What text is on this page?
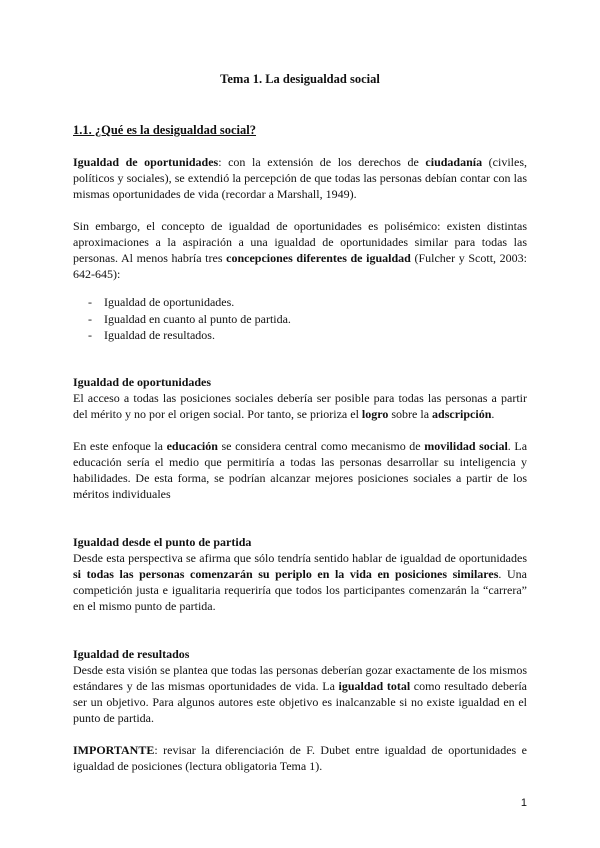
Tema 1. La desigualdad social
1.1. ¿Qué es la desigualdad social?
Igualdad de oportunidades: con la extensión de los derechos de ciudadanía (civiles, políticos y sociales), se extendió la percepción de que todas las personas debían contar con las mismas oportunidades de vida (recordar a Marshall, 1949).
Sin embargo, el concepto de igualdad de oportunidades es polisémico: existen distintas aproximaciones a la aspiración a una igualdad de oportunidades similar para todas las personas. Al menos habría tres concepciones diferentes de igualdad (Fulcher y Scott, 2003: 642-645):
- Igualdad de oportunidades.
- Igualdad en cuanto al punto de partida.
- Igualdad de resultados.
Igualdad de oportunidades
El acceso a todas las posiciones sociales debería ser posible para todas las personas a partir del mérito y no por el origen social. Por tanto, se prioriza el logro sobre la adscripción.
En este enfoque la educación se considera central como mecanismo de movilidad social. La educación sería el medio que permitiría a todas las personas desarrollar su inteligencia y habilidades. De esta forma, se podrían alcanzar mejores posiciones sociales a partir de los méritos individuales
Igualdad desde el punto de partida
Desde esta perspectiva se afirma que sólo tendría sentido hablar de igualdad de oportunidades si todas las personas comenzarán su periplo en la vida en posiciones similares. Una competición justa e igualitaria requeriría que todos los participantes comenzarán la “carrera” en el mismo punto de partida.
Igualdad de resultados
Desde esta visión se plantea que todas las personas deberían gozar exactamente de los mismos estándares y de las mismas oportunidades de vida. La igualdad total como resultado debería ser un objetivo. Para algunos autores este objetivo es inalcanzable si no existe igualdad en el punto de partida.
IMPORTANTE: revisar la diferenciación de F. Dubet entre igualdad de oportunidades e igualdad de posiciones (lectura obligatoria Tema 1).
1
